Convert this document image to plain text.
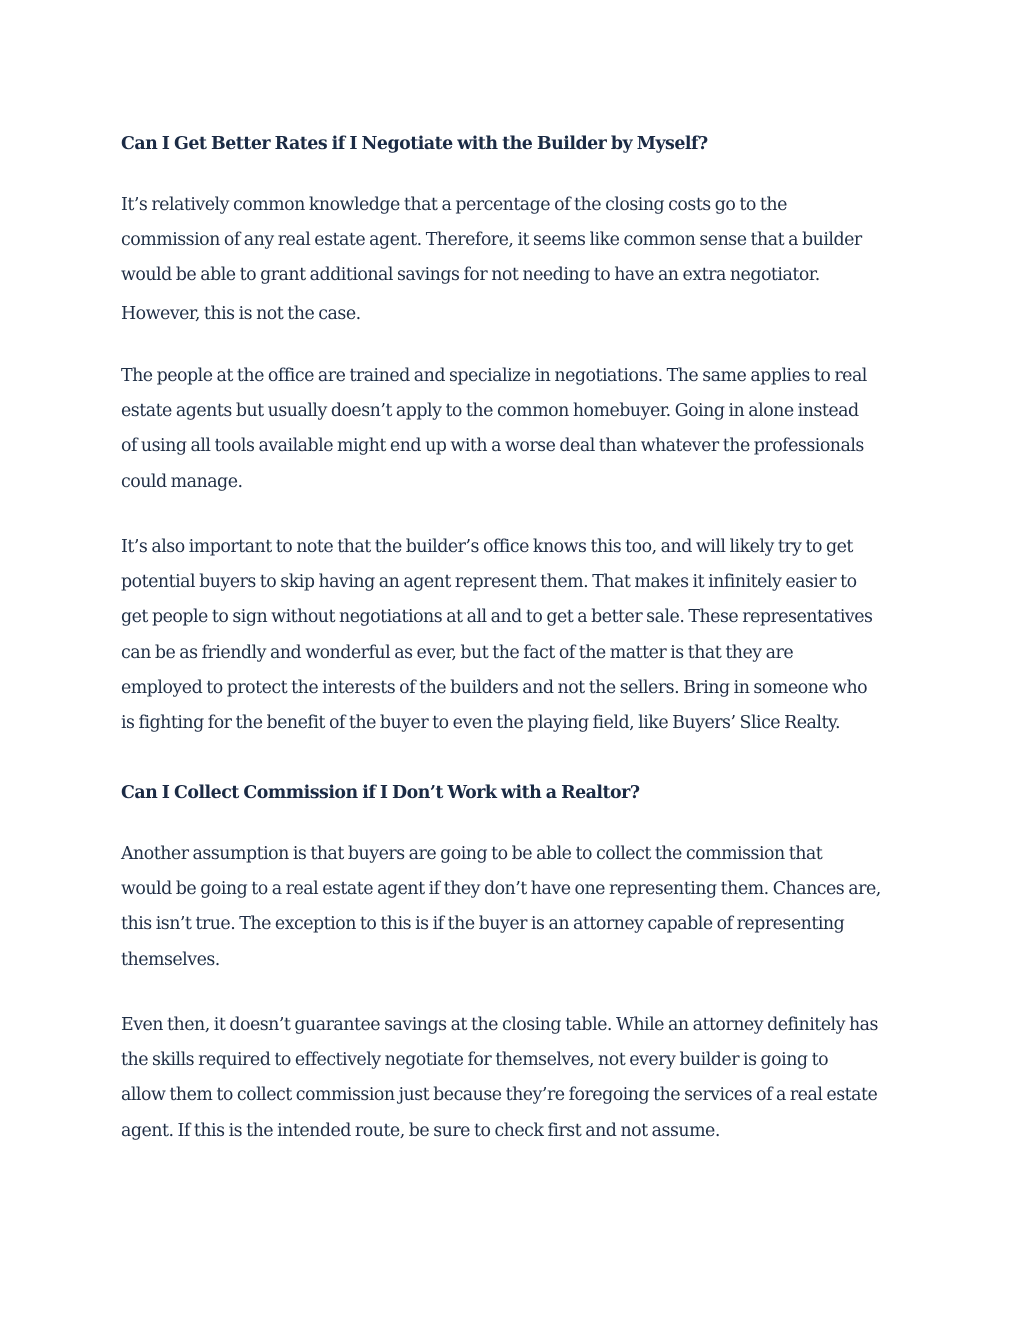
Can I Get Better Rates if I Negotiate with the Builder by Myself?

It’s relatively common knowledge that a percentage of the closing costs go to the
commission of any real estate agent. Therefore, it seems like common sense that a builder
would be able to grant additional savings for not needing to have an extra negotiator.
However, this is not the case.

The people at the office are trained and specialize in negotiations. The same applies to real
estate agents but usually doesn’t apply to the common homebuyer. Going in alone instead
of using all tools available might end up with a worse deal than whatever the professionals
could manage.

It’s also important to note that the builder’s office knows this too, and will likely try to get
potential buyers to skip having an agent represent them. That makes it infinitely easier to
get people to sign without negotiations at all and to get a better sale. These representatives
can be as friendly and wonderful as ever, but the fact of the matter is that they are
employed to protect the interests of the builders and not the sellers. Bring in someone who
is fighting for the benefit of the buyer to even the playing field, like Buyers’ Slice Realty.

Can I Collect Commission if I Don’t Work with a Realtor?

Another assumption is that buyers are going to be able to collect the commission that
would be going to a real estate agent if they don’t have one representing them. Chances are,
this isn’t true. The exception to this is if the buyer is an attorney capable of representing
themselves.

Even then, it doesn’t guarantee savings at the closing table. While an attorney definitely has
the skills required to effectively negotiate for themselves, not every builder is going to
allow them to collect commission just because they’re foregoing the services of a real estate
agent. If this is the intended route, be sure to check first and not assume.
